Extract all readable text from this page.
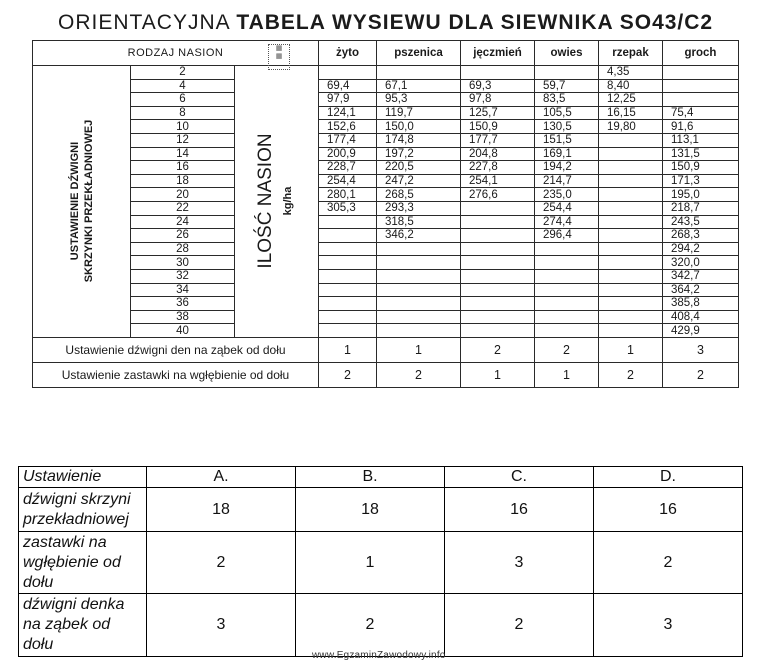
ORIENTACYJNA TABELA WYSIEWU DLA SIEWNIKA SO43/C2
RODZAJ NASION			żyto	pszenica	jęczmień	owies	rzepak	groch

USTAWIENIE DŹWIGNI SKRZYNKI PRZEKŁADNIOWEJ	2	ILOŚĆ NASION kg/ha					4,35	
	4		69,4	67,1	69,3	59,7	8,40	
	6		97,9	95,3	97,8	83,5	12,25	
	8		124,1	119,7	125,7	105,5	16,15	75,4
	10		152,6	150,0	150,9	130,5	19,80	91,6
	12		177,4	174,8	177,7	151,5		113,1
	14		200,9	197,2	204,8	169,1		131,5
	16		228,7	220,5	227,8	194,2		150,9
	18		254,4	247,2	254,1	214,7		171,3
	20		280,1	268,5	276,6	235,0		195,0
	22		305,3	293,3		254,4		218,7
	24			318,5		274,4		243,5
	26			346,2		296,4		268,3
	28							294,2
	30							320,0
	32							342,7
	34							364,2
	36							385,8
	38							408,4
	40							429,9
Ustawienie dźwigni den na ząbek od dołu			1	1	2	2	1	3
Ustawienie zastawki na wgłębienie od dołu			2	2	1	1	2	2
▦
▦
Ustawienie	A.	B.	C.	D.
dźwigni skrzyni przekładniowej	18	18	16	16
zastawki na wgłębienie od dołu	2	1	3	2
dźwigni denka na ząbek od dołu	3	2	2	3
www.EgzaminZawodowy.info
